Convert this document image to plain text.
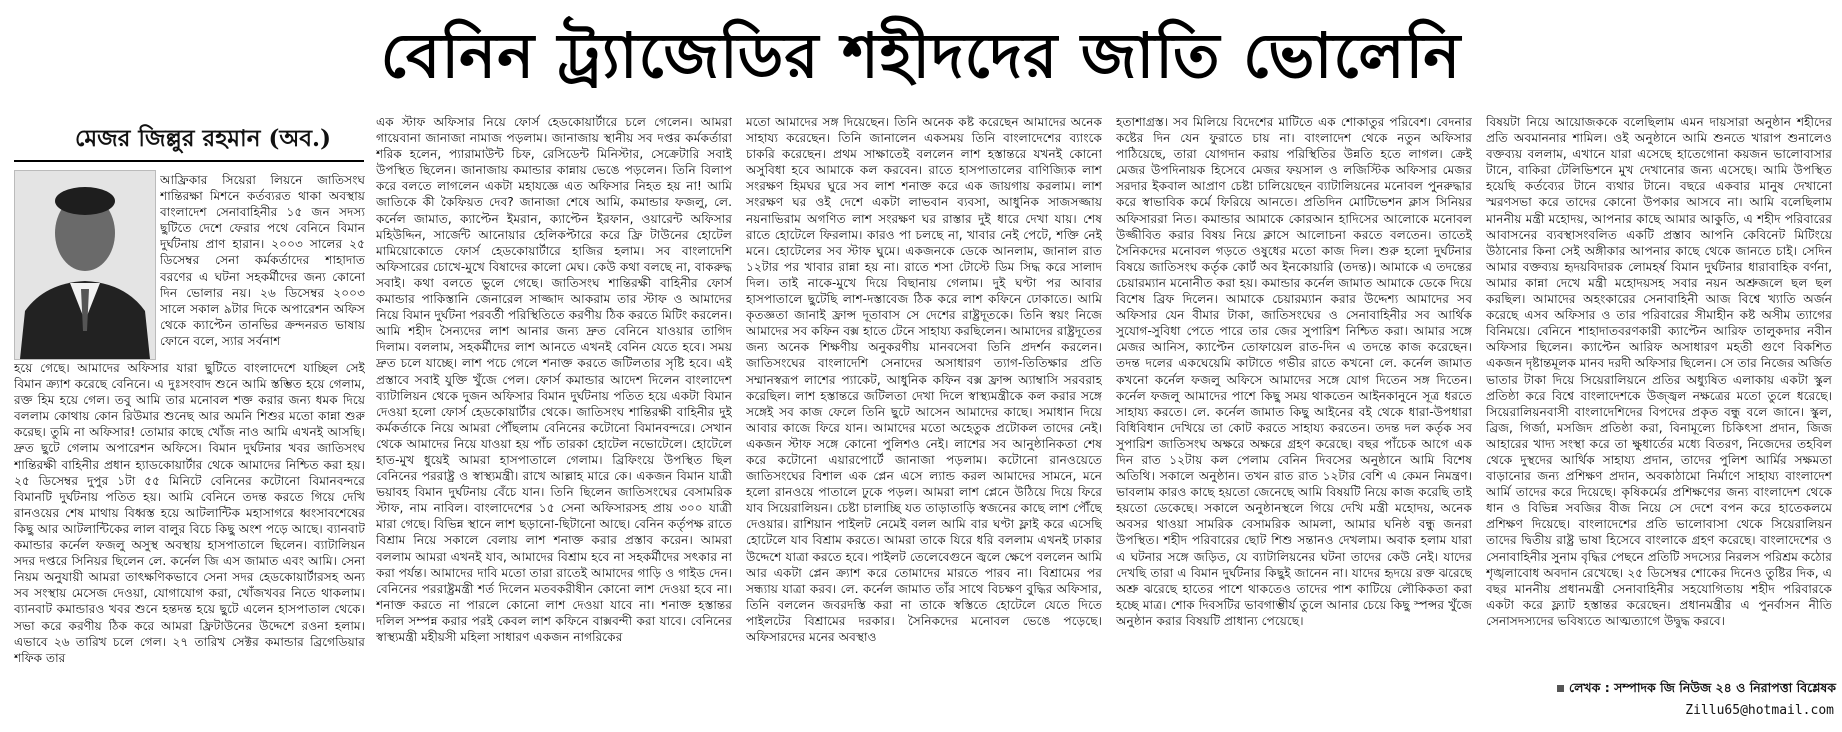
বেনিন ট্র্যাজেডির শহীদদের জাতি ভোলেনি
মেজর জিল্লুর রহমান (অব.)
আফ্রিকার সিয়েরা লিয়নে জাতিসংঘ শান্তিরক্ষা মিশনে কর্তব্যরত থাকা অবস্থায় বাংলাদেশ সেনাবাহিনীর ১৫ জন সদস্য ছুটিতে দেশে ফেরার পথে বেনিনে বিমান দুর্ঘটনায় প্রাণ হারান। ২০০৩ সালের ২৫ ডিসেম্বর সেনা কর্মকর্তাদের শাহাদাত বরণের এ ঘটনা সহকর্মীদের জন্য কোনো দিন ভোলার নয়। ২৬ ডিসেম্বর ২০০৩ সালে সকাল ৯টার দিকে অপারেশন অফিস থেকে ক্যাপ্টেন তানভির ক্রন্দনরত ভাষায় ফোনে বলে, স্যার সর্বনাশ
হয়ে গেছে। আমাদের অফিসার যারা ছুটিতে বাংলাদেশে যাচ্ছিল সেই বিমান ক্র্যাশ করেছে বেনিনে। এ দুঃসংবাদ শুনে আমি স্তম্ভিত হয়ে গেলাম, রক্ত হিম হয়ে গেল। তবু আমি তার মনোবল শক্ত করার জন্য ধমক দিয়ে বললাম কোথায় কোন রিউমার শুনেছ আর অমনি শিশুর মতো কান্না শুরু করেছ। তুমি না অফিসার! তোমার কাছে খোঁজ নাও আমি এখনই আসছি। দ্রুত ছুটে গেলাম অপারেশন অফিসে। বিমান দুর্ঘটনার খবর জাতিসংঘ শান্তিরক্ষী বাহিনীর প্রধান হ্যাডকোয়ার্টার থেকে আমাদের নিশ্চিত করা হয়। ২৫ ডিসেম্বর দুপুর ১টা ৫৫ মিনিটে বেনিনের কটোনো বিমানবন্দরে বিমানটি দুর্ঘটনায় পতিত হয়। আমি বেনিনে তদন্ত করতে গিয়ে দেখি রানওয়ের শেষ মাথায় বিধ্বস্ত হয়ে আটলান্টিক মহাসাগরে ধ্বংসাবশেষের কিছু আর আটলান্টিকের লাল বালুর বিচে কিছু অংশ পড়ে আছে। ব্যানবাট কমান্ডার কর্নেল ফজলু অসুস্থ অবস্থায় হাসপাতালে ছিলেন। ব্যাটালিয়ন সদর দপ্তরে সিনিয়র ছিলেন লে. কর্নেল জি এস জামাত এবং আমি। সেনা নিয়ম অনুযায়ী আমরা তাৎক্ষণিকভাবে সেনা সদর হেডকোয়ার্টারসহ অন্য সব সংস্থায় মেসেজ দেওয়া, যোগাযোগ করা, খোঁজখবর নিতে থাকলাম। ব্যানবাট কমান্ডারও খবর শুনে হন্তদন্ত হয়ে ছুটে এলেন হাসপাতাল থেকে। সভা করে করণীয় ঠিক করে আমরা ফ্রিটাউনের উদ্দেশে রওনা হলাম। এভাবে ২৬ তারিখ চলে গেল। ২৭ তারিখ সেক্টর কমান্ডার ব্রিগেডিয়ার শফিক তার
এক স্টাফ অফিসার নিয়ে ফোর্স হেডকোয়ার্টারে চলে গেলেন। আমরা গায়েবানা জানাজা নামাজ পড়লাম। জানাজায় স্থানীয় সব দপ্তর কর্মকর্তারা শরিক হলেন, প্যারামাউন্ট চিফ, রেসিডেন্ট মিনিস্টার, সেক্রেটারি সবাই উপস্থিত ছিলেন। জানাজায় কমান্ডার কান্নায় ভেঙে পড়লেন। তিনি বিলাপ করে বলতে লাগলেন একটা মহাযজ্ঞে এত অফিসার নিহত হয় না! আমি জাতিকে কী কৈফিয়ত দেব? জানাজা শেষে আমি, কমান্ডার ফজলু, লে. কর্নেল জামাত, ক্যাপ্টেন ইমরান, ক্যাপ্টেন ইরফান, ওয়ারেন্ট অফিসার মহিউদ্দিন, সার্জেন্ট আনোয়ার হেলিকপ্টারে করে ফ্রি টাউনের হোটেল মামিয়োকোতে ফোর্স হেডকোয়ার্টারে হাজির হলাম। সব বাংলাদেশি অফিসারের চোখে-মুখে বিষাদের কালো মেঘ। কেউ কথা বলছে না, বাকরুদ্ধ সবাই। কথা বলতে ভুলে গেছে। জাতিসংঘ শান্তিরক্ষী বাহিনীর ফোর্স কমান্ডার পাকিস্তানি জেনারেল সাজ্জাদ আকরাম তার স্টাফ ও আমাদের নিয়ে বিমান দুর্ঘটনা পরবর্তী পরিস্থিতিতে করণীয় ঠিক করতে মিটিং করলেন। আমি শহীদ সৈন্যদের লাশ আনার জন্য দ্রুত বেনিনে যাওয়ার তাগিদ দিলাম। বললাম, সহকর্মীদের লাশ আনতে এখনই বেনিন যেতে হবে। সময় দ্রুত চলে যাচ্ছে। লাশ পচে গেলে শনাক্ত করতে জটিলতার সৃষ্টি হবে। এই প্রস্তাবে সবাই যুক্তি খুঁজে পেল। ফোর্স কমান্ডার আদেশ দিলেন বাংলাদেশ ব্যাটালিয়ন থেকে দুজন অফিসার বিমান দুর্ঘটনায় পতিত হয়ে একটা বিমান দেওয়া হলো ফোর্স হেডকোয়ার্টার থেকে। জাতিসংঘ শান্তিরক্ষী বাহিনীর দুই কর্মকর্তাকে নিয়ে আমরা পৌঁছলাম বেনিনের কটোনো বিমানবন্দরে। সেখান থেকে আমাদের নিয়ে যাওয়া হয় পাঁচ তারকা হোটেল নভোটেলে। হোটেলে হাত-মুখ ধুয়েই আমরা হাসপাতালে গেলাম। ব্রিফিংয়ে উপস্থিত ছিল বেনিনের পররাষ্ট্র ও স্বাস্থ্যমন্ত্রী। রাখে আল্লাহ মারে কে। একজন বিমান যাত্রী ভয়াবহ বিমান দুর্ঘটনায় বেঁচে যান। তিনি ছিলেন জাতিসংঘের বেসামরিক স্টাফ, নাম নাবিল। বাংলাদেশের ১৫ সেনা অফিসারসহ প্রায় ৩০০ যাত্রী মারা গেছে। বিভিন্ন স্থানে লাশ ছড়ানো-ছিটানো আছে। বেনিন কর্তৃপক্ষ রাতে বিশ্রাম নিয়ে সকালে বেলায় লাশ শনাক্ত করার প্রস্তাব করেন। আমরা বললাম আমরা এখনই যাব, আমাদের বিশ্রাম হবে না সহকর্মীদের সৎকার না করা পর্যন্ত। আমাদের দাবি মতো তারা রাতেই আমাদের গাড়ি ও গাইড দেন। বেনিনের পররাষ্ট্রমন্ত্রী শর্ত দিলেন মতবকরীষীন কোনো লাশ দেওয়া হবে না। শনাক্ত করতে না পারলে কোনো লাশ দেওয়া যাবে না। শনাক্ত হস্তান্তর দলিল সম্পন্ন করার পরই কেবল লাশ কফিনে বাক্সবন্দী করা যাবে। বেনিনের স্বাস্থ্যমন্ত্রী মহীয়সী মহিলা সাধারণ একজন নাগরিকের
মতো আমাদের সঙ্গ দিয়েছেন। তিনি অনেক কষ্ট করেছেন আমাদের অনেক সাহায্য করেছেন। তিনি জানালেন একসময় তিনি বাংলাদেশের ব্যাংকে চাকরি করেছেন। প্রথম সাক্ষাতেই বললেন লাশ হস্তান্তরে যখনই কোনো অসুবিধা হবে আমাকে কল করবেন। রাতে হাসপাতালের বাণিজ্যিক লাশ সংরক্ষণ হিমঘর ঘুরে সব লাশ শনাক্ত করে এক জায়গায় করলাম। লাশ সংরক্ষণ ঘর ওই দেশে একটা লাভবান ব্যবসা, আধুনিক সাজসজ্জায় নয়নাভিরাম অগণিত লাশ সংরক্ষণ ঘর রাস্তার দুই ধারে দেখা যায়। শেষ রাতে হোটেলে ফিরলাম। কারও পা চলছে না, খাবার নেই পেটে, শক্তি নেই মনে। হোটেলের সব স্টাফ ঘুমে। একজনকে ডেকে আনলাম, জানাল রাত ১২টার পর খাবার রান্না হয় না। রাতে শসা টোস্টে ডিম সিদ্ধ করে সালাদ দিল। তাই নাকে-মুখে দিয়ে বিছানায় গেলাম। দুই ঘণ্টা পর আবার হাসপাতালে ছুটেছি লাশ-দস্তাবেজ ঠিক করে লাশ কফিনে ঢোকাতে। আমি কৃতজ্ঞতা জানাই ফ্রান্স দূতাবাস সে দেশের রাষ্ট্রদূতকে। তিনি স্বয়ং নিজে আমাদের সব কফিন বক্স হাতে টেনে সাহায্য করছিলেন। আমাদের রাষ্ট্রদূতের জন্য অনেক শিক্ষণীয় অনুকরণীয় মানবসেবা তিনি প্রদর্শন করলেন। জাতিসংঘের বাংলাদেশি সেনাদের অসাধারণ ত্যাগ-তিতিক্ষার প্রতি সম্মানস্বরূপ লাশের প্যাকেট, আধুনিক কফিন বক্স ফ্রান্স অ্যাম্বাসি সরবরাহ করেছিল। লাশ হস্তান্তরে জটিলতা দেখা দিলে স্বাস্থ্যমন্ত্রীকে কল করার সঙ্গে সঙ্গেই সব কাজ ফেলে তিনি ছুটে আসেন আমাদের কাছে। সমাধান দিয়ে আবার কাজে ফিরে যান। আমাদের মতো অহেতুক প্রটোকল তাদের নেই। একজন স্টাফ সঙ্গে কোনো পুলিশও নেই। লাশের সব আনুষ্ঠানিকতা শেষ করে কটোনো এয়ারপোর্টে জানাজা পড়লাম। কটোনো রানওয়েতে জাতিসংঘের বিশাল এক প্লেন এসে ল্যান্ড করল আমাদের সামনে, মনে হলো রানওয়ে পাতালে ঢুকে পড়ল। আমরা লাশ প্লেনে উঠিয়ে দিয়ে ফিরে যাব সিয়েরালিয়ন। চেষ্টা চালাচ্ছি যত তাড়াতাড়ি স্বজনের কাছে লাশ পৌঁছে দেওয়ার। রাশিয়ান পাইলট নেমেই বলল আমি বার ঘণ্টা ফ্লাই করে এসেছি হোটেলে যাব বিশ্রাম করতে। আমরা তাকে যিরে ধরি বললাম এখনই ঢাকার উদ্দেশে যাত্রা করতে হবে। পাইলট তেলেবেগুনে জ্বলে ক্ষেপে বললেন আমি আর একটা প্লেন ক্র্যাশ করে তোমাদের মারতে পারব না। বিশ্রামের পর সন্ধ্যায় যাত্রা করব। লে. কর্নেল জামাত তাঁর সাথে বিচক্ষণ বুদ্ধির অফিসার, তিনি বললেন জবরদস্তি করা না তাকে স্বস্তিতে হোটেলে যেতে দিতে পাইলটের বিশ্রামের দরকার। সৈনিকদের মনোবল ভেঙে পড়েছে। অফিসারদের মনের অবস্থাও
হতাশাগ্রস্ত। সব মিলিয়ে বিদেশের মাটিতে এক শোকাতুর পরিবেশ। বেদনার কষ্টের দিন যেন ফুরাতে চায় না। বাংলাদেশ থেকে নতুন অফিসার পাঠিয়েছে, তারা যোগদান করায় পরিস্থিতির উন্নতি হতে লাগল। ক্রেই মেজর উপদিনায়ক হিসেবে মেজর ফয়সাল ও লজিস্টিক অফিসার মেজর সরদার ইকবাল আপ্রাণ চেষ্টা চালিয়েছেন ব্যাটালিয়নের মনোবল পুনরুদ্ধার করে স্বাভাবিক কর্মে ফিরিয়ে আনতে। প্রতিদিন মোটিভেশন ক্লাস সিনিয়র অফিসাররা নিত। কমান্ডার আমাকে কোরআন হাদিসের আলোকে মনোবল উজ্জীবিত করার বিষয় নিয়ে ক্লাসে আলোচনা করতে বলতেন। তাতেই সৈনিকদের মনোবল গড়তে ওষুধের মতো কাজ দিল। শুরু হলো দুর্ঘটনার বিষয়ে জাতিসংঘ কর্তৃক কোর্ট অব ইনকোয়ারি (তদন্ত)। আমাকে এ তদন্তের চেয়ারম্যান মনোনীত করা হয়। কমান্ডার কর্নেল জামাত আমাকে ডেকে দিয়ে বিশেষ ব্রিফ দিলেন। আমাকে চেয়ারম্যান করার উদ্দেশ্য আমাদের সব অফিসার যেন বীমার টাকা, জাতিসংঘের ও সেনাবাহিনীর সব আর্থিক সুযোগ-সুবিধা পেতে পারে তার জের সুপারিশ নিশ্চিত করা। আমার সঙ্গে মেজর আনিস, ক্যাপ্টেন তোফায়েল রাত-দিন এ তদন্তে কাজ করেছেন। তদন্ত দলের একঘেয়েমি কাটাতে গভীর রাতে কখনো লে. কর্নেল জামাত কখনো কর্নেল ফজলু অফিসে আমাদের সঙ্গে যোগ দিতেন সঙ্গ দিতেন। কর্নেল ফজলু আমাদের পাশে কিছু সময় থাকতেন আইনকানুনে সূত্র ধরতে সাহায্য করতে। লে. কর্নেল জামাত কিছু আইনের বই থেকে ধারা-উপধারা বিধিবিধান দেখিয়ে তা কোট করতে সাহায্য করতেন। তদন্ত দল কর্তৃক সব সুপারিশ জাতিসংঘ অক্ষরে অক্ষরে গ্রহণ করেছে। বছর পাঁচেক আগে এক দিন রাত ১২টায় কল পেলাম বেনিন দিবসের অনুষ্ঠানে আমি বিশেষ অতিথি। সকালে অনুষ্ঠান। তখন রাত রাত ১২টার বেশি এ কেমন নিমন্ত্রণ। ভাবলাম কারও কাছে হয়তো জেনেছে আমি বিষয়টি নিয়ে কাজ করেছি তাই হয়তো ডেকেছে। সকালে অনুষ্ঠানস্থলে গিয়ে দেখি মন্ত্রী মহোদয়, অনেক অবসর থাওয়া সামরিক বেসামরিক আমলা, আমার ঘনিষ্ঠ বন্ধু জনরা উপস্থিত। শহীদ পরিবারের ছোট শিশু সন্তানও দেখলাম। অবাক হলাম যারা এ ঘটনার সঙ্গে জড়িত, যে ব্যাটালিয়নের ঘটনা তাদের কেউ নেই। যাদের দেখছি তারা এ বিমান দুর্ঘটনার কিছুই জানেন না। যাদের হৃদয়ে রক্ত ঝরেছে অশ্রু ঝরেছে হাতের পাশে থাকতেও তাদের পাশ কাটিয়ে লৌকিকতা করা হচ্ছে মাত্র। শোক দিবসটির ভাবগাম্ভীর্য তুলে আনার চেয়ে কিছু স্পন্সর খুঁজে অনুষ্ঠান করার বিষয়টি প্রাধান্য পেয়েছে।
বিষয়টা নিয়ে আয়োজককে বলেছিলাম এমন দায়সারা অনুষ্ঠান শহীদের প্রতি অবমাননার শামিল। ওই অনুষ্ঠানে আমি শুনতে খারাপ শুনালেও বক্তব্যয় বললাম, এখানে যারা এসেছে হাতেগোনা কয়জন ভালোবাসার টানে, বাকিরা টেলিভিশনে মুখ দেখানোর জন্য এসেছে। আমি উপস্থিত হয়েছি কর্তব্যের টানে ব্যথার টানে। বছরে একবার মানুষ দেখানো স্মরণসভা করে তাদের কোনো উপকার আসবে না। আমি বলেছিলাম মাননীয় মন্ত্রী মহোদয়, আপনার কাছে আমার আকুতি, এ শহীদ পরিবারের আবাসনের ব্যবস্থাসংবলিত একটি প্রস্তাব আপনি কেবিনেট মিটিংয়ে উঠানোর কিনা সেই অঙ্গীকার আপনার কাছে থেকে জানতে চাই। সেদিন আমার বক্তব্যয় হৃদয়বিদারক লোমহর্ষ বিমান দুর্ঘটনার ধারাবাহিক বর্ণনা, আমার কান্না দেখে মন্ত্রী মহোদয়সহ সবার নয়ন অশ্রুজলে ছল ছল করছিল। আমাদের অহংকারের সেনাবাহিনী আজ বিশ্বে খ্যাতি অর্জন করেছে এসব অফিসার ও তার পরিবারের সীমাহীন কষ্ট অসীম ত্যাগের বিনিময়ে। বেনিনে শাহাদাতবরণকারী ক্যাপ্টেন আরিফ তালুকদার নবীন অফিসার ছিলেন। ক্যাপ্টেন আরিফ অসাধারণ মহতী গুণে বিকশিত একজন দৃষ্টান্তমূলক মানব দরদী অফিসার ছিলেন। সে তার নিজের অর্জিত ভাতার টাকা দিয়ে সিয়েরালিয়নে প্রতির অধ্যুষিত এলাকায় একটা স্কুল প্রতিষ্ঠা করে বিশ্বে বাংলাদেশকে উজ্জ্বল নক্ষত্রের মতো তুলে ধরেছে। সিয়েরালিয়নবাসী বাংলাদেশিদের বিপদের প্রকৃত বন্ধু বলে জানে। স্কুল, ব্রিজ, গির্জা, মসজিদ প্রতিষ্ঠা করা, বিনামূল্যে চিকিৎসা প্রদান, জিজ আহারের খাদ্য সংস্থা করে তা ক্ষুধার্তের মধ্যে বিতরণ, নিজেদের তহবিল থেকে দুস্থদের আর্থিক সাহায্য প্রদান, তাদের পুলিশ আর্মির সক্ষমতা বাড়ানোর জন্য প্রশিক্ষণ প্রদান, অবকাঠামো নির্মাণে সাহায্য বাংলাদেশ আর্মি তাদের করে দিয়েছে। কৃষিকর্মের প্রশিক্ষণের জন্য বাংলাদেশ থেকে ধান ও বিভিন্ন সবজির বীজ নিয়ে সে দেশে বপন করে হাতেকলমে প্রশিক্ষণ দিয়েছে। বাংলাদেশের প্রতি ভালোবাসা থেকে সিয়েরালিয়ন তাদের দ্বিতীয় রাষ্ট্র ভাষা হিসেবে বাংলাকে গ্রহণ করেছে। বাংলাদেশের ও সেনাবাহিনীর সুনাম বৃদ্ধির পেছনে প্রতিটি সদস্যের নিরলস পরিশ্রম কঠোর শৃঙ্খলাবোধ অবদান রেখেছে। ২৫ ডিসেম্বর শোকের দিনেও তুষ্টির দিক, এ বছর মাননীয় প্রধানমন্ত্রী সেনাবাহিনীর সহযোগিতায় শহীদ পরিবারকে একটা করে ফ্ল্যাট হস্তান্তর করেছেন। প্রধানমন্ত্রীর এ পুনর্বাসন নীতি সেনাসদস্যদের ভবিষ্যতে আত্মত্যাগে উদ্বুদ্ধ করবে।
লেখক : সম্পাদক জি নিউজ ২৪ ও নিরাপত্তা বিশ্লেষক
Zillu65@hotmail.com
